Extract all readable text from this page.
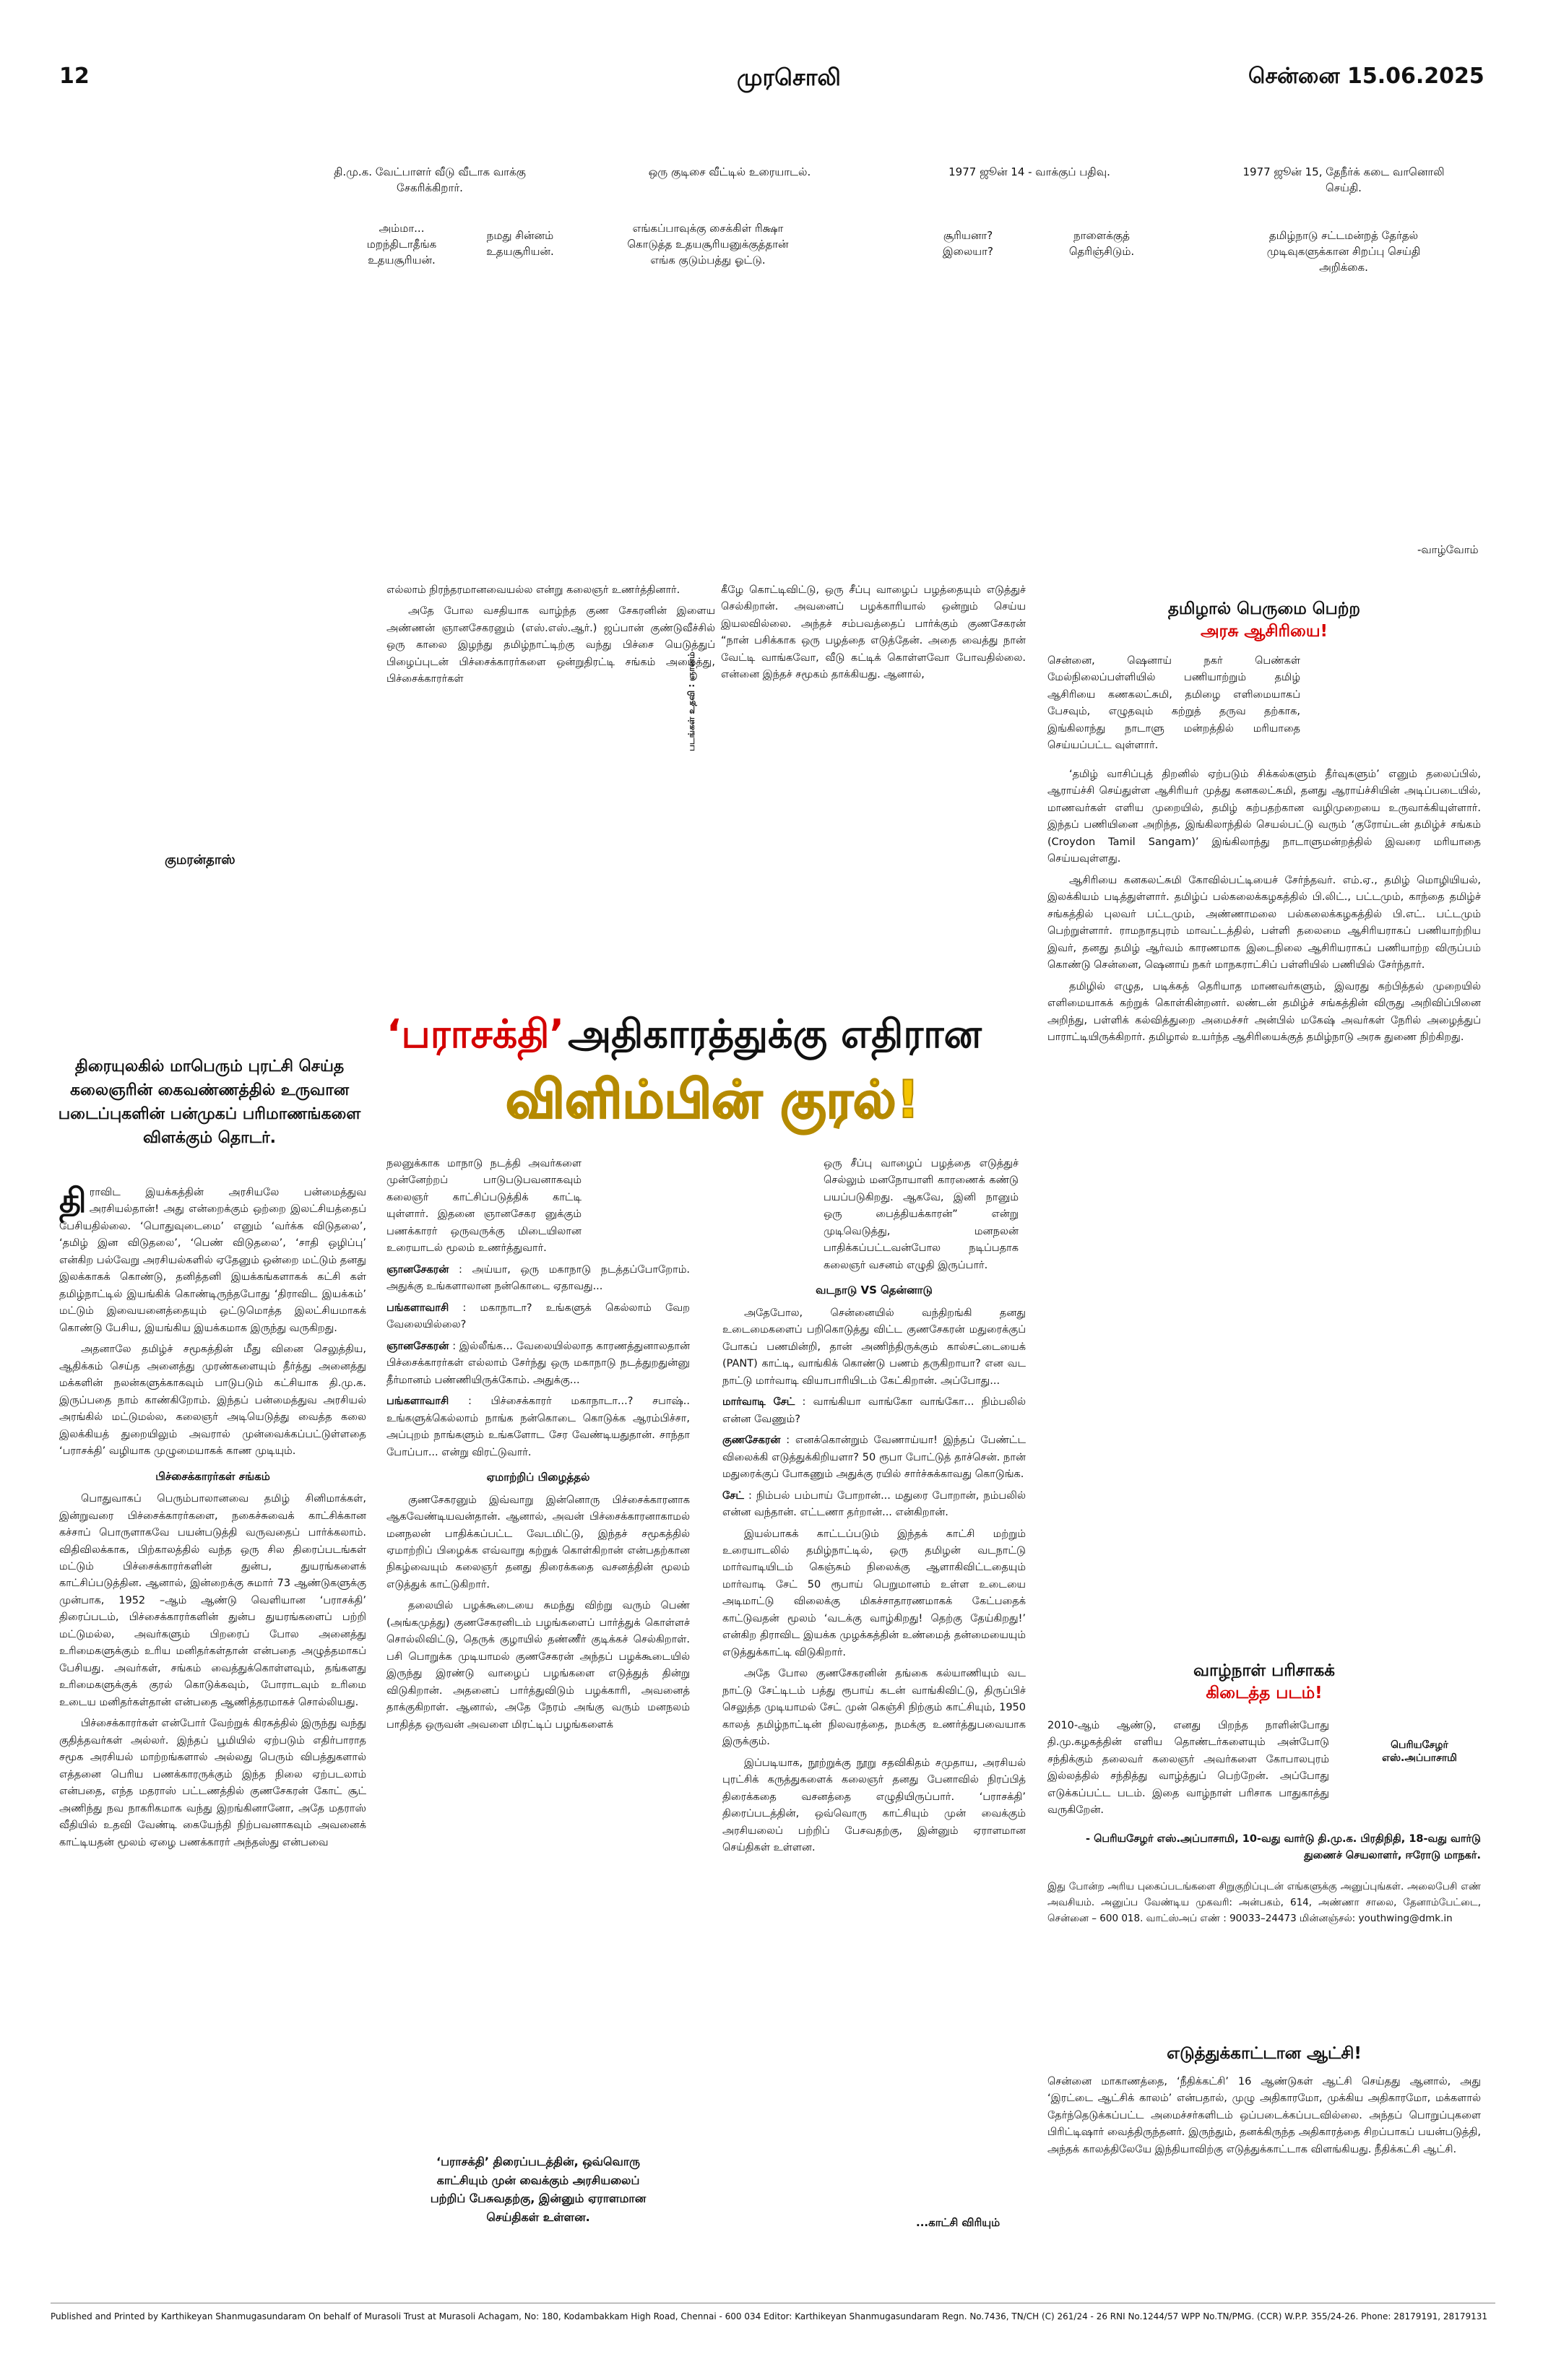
12	முரசொலி	சென்னை 15.06.2025
தி.மு.க. வேட்பாளர் வீடு வீடாக வாக்கு சேகரிக்கிறார்.
ஒரு குடிசை வீட்டில் உரையாடல்.	1977 ஜூன் 14 - வாக்குப் பதிவு.	1977 ஜூன் 15, தேநீர்க் கடை வானொலி செய்தி.
அம்மா... மறந்திடாதீங்க உதயசூரியன்.
நமது சின்னம் உதயசூரியன்.
எங்கப்பாவுக்கு சைக்கிள் ரிக்ஷா கொடுத்த உதயசூரியனுக்குத்தான் எங்க குடும்பத்து ஓட்டு.
சூரியனா? இலையா?
நாளைக்குத் தெரிஞ்சிடும்.
தமிழ்நாடு சட்டமன்றத் தேர்தல் முடிவுகளுக்கான சிறப்பு செய்தி அறிக்கை.
-வாழ்வோம்
குமரன்தாஸ்
படங்கள் உதவி : ஞானம்

எல்லாம் நிரந்தரமானவையல்ல என்று கலைஞர் உணர்த்தினார்.

அதே போல வசதியாக வாழ்ந்த குண சேகரனின் இளைய அண்ணன் ஞானசேகரனும் (எஸ்.எஸ்.ஆர்.) ஜப்பான் குண்டுவீச்சில் ஒரு காலை இழந்து தமிழ்நாட்டிற்கு வந்து பிச்சை யெடுத்துப் பிழைப்புடன் பிச்சைக்காரர்களை ஒன்றுதிரட்டி சங்கம் அமைத்து, பிச்சைக்காரர்கள்

கீழே கொட்டிவிட்டு, ஒரு சீப்பு வாழைப் பழத்தையும் எடுத்துச் செல்கிறான். அவனைப் பழக்காரியால் ஒன்றும் செய்ய இயலவில்லை. அந்தச் சம்பவத்தைப் பார்க்கும் குணசேகரன் “நான் பசிக்காக ஒரு பழத்தை எடுத்தேன். அதை வைத்து நான் வேட்டி வாங்கவோ, வீடு கட்டிக் கொள்ளவோ போவதில்லை. என்னை இந்தச் சமூகம் தாக்கியது. ஆனால்,

‘பராசக்தி’ அதிகாரத்துக்கு எதிரான
விளிம்பின் குரல்!
திரையுலகில் மாபெரும் புரட்சி செய்த கலைஞரின் கைவண்ணத்தில் உருவான படைப்புகளின் பன்முகப் பரிமாணங்களை விளக்கும் தொடர்.

திராவிட இயக்கத்தின் அரசியலே பன்மைத்துவ அரசியல்தான்! அது என்றைக்கும் ஒற்றை இலட்சியத்தைப் பேசியதில்லை. ‘பொதுவுடைமை’ எனும் ‘வர்க்க விடுதலை’, ‘தமிழ் இன விடுதலை’, ‘பெண் விடுதலை’, ‘சாதி ஒழிப்பு’ என்கிற பல்வேறு அரசியல்களில் ஏதேனும் ஒன்றை மட்டும் தனது இலக்காகக் கொண்டு, தனித்தனி இயக்கங்களாகக் கட்சி கள் தமிழ்நாட்டில் இயங்கிக் கொண்டிருந்தபோது ‘திராவிட இயக்கம்’ மட்டும் இவையனைத்தையும் ஒட்டுமொத்த இலட்சியமாகக் கொண்டு பேசிய, இயங்கிய இயக்கமாக இருந்து வருகிறது.

அதனாலே தமிழ்ச் சமூகத்தின் மீது வினை செலுத்திய, ஆதிக்கம் செய்த அனைத்து முரண்களையும் தீர்த்து அனைத்து மக்களின் நலன்களுக்காகவும் பாடுபடும் கட்சியாக தி.மு.க. இருப்பதை நாம் காண்கிறோம். இந்தப் பன்மைத்துவ அரசியல் அரங்கில் மட்டுமல்ல, கலைஞர் அடியெடுத்து வைத்த கலை இலக்கியத் துறையிலும் அவரால் முன்வைக்கப்பட்டுள்ளதை ‘பராசக்தி’ வழியாக முழுமையாகக் காண முடியும்.

பிச்சைக்காரர்கள் சங்கம்

பொதுவாகப் பெரும்பாலானவை தமிழ் சினிமாக்கள், இன்றுவரை பிச்சைக்காரர்களை, நகைச்சுவைக் காட்சிக்கான கச்சாப் பொருளாகவே பயன்படுத்தி வருவதைப் பார்க்கலாம். விதிவிலக்காக, பிற்காலத்தில் வந்த ஒரு சில திரைப்படங்கள் மட்டும் பிச்சைக்காரர்களின் துன்ப, துயரங்களைக் காட்சிப்படுத்தின. ஆனால், இன்றைக்கு சுமார் 73 ஆண்டுகளுக்கு முன்பாக, 1952 –ஆம் ஆண்டு வெளியான ‘பராசக்தி’ திரைப்படம், பிச்சைக்காரர்களின் துன்ப துயரங்களைப் பற்றி மட்டுமல்ல, அவர்களும் பிறரைப் போல அனைத்து உரிமைகளுக்கும் உரிய மனிதர்கள்தான் என்பதை அழுத்தமாகப் பேசியது. அவர்கள், சங்கம் வைத்துக்கொள்ளவும், தங்களது உரிமைகளுக்குக் குரல் கொடுக்கவும், போராடவும் உரிமை உடைய மனிதர்கள்தான் என்பதை ஆணித்தரமாகச் சொல்லியது.

பிச்சைக்காரர்கள் என்போர் வேற்றுக் கிரகத்தில் இருந்து வந்து குதித்தவர்கள் அல்லர். இந்தப் பூமியில் ஏற்படும் எதிர்பாராத சமூக அரசியல் மாற்றங்களால் அல்லது பெரும் விபத்துகளால் எத்தனை பெரிய பணக்காரருக்கும் இந்த நிலை ஏற்படலாம் என்பதை, எந்த மதராஸ் பட்டணத்தில் குணசேகரன் கோட் சூட் அணிந்து நவ நாகரிகமாக வந்து இறங்கினானோ, அதே மதராஸ் வீதியில் உதவி வேண்டி கையேந்தி நிற்பவனாகவும் அவனைக் காட்டியதன் மூலம் ஏழை பணக்காரர் அந்தஸ்து என்பவை

நலனுக்காக மாநாடு நடத்தி அவர்களை முன்னேற்றப் பாடுபடுபவனாகவும் கலைஞர் காட்சிப்படுத்திக் காட்டி யுள்ளார். இதனை ஞானசேகர னுக்கும் பணக்காரர் ஒருவருக்கு மிடையிலான உரையாடல் மூலம் உணர்த்துவார்.

ஞானசேகரன் : அய்யா, ஒரு மகாநாடு நடத்தப்போறோம். அதுக்கு உங்களாலான நன்கொடை ஏதாவது...

பங்களாவாசி : மகாநாடா? உங்களுக் கெல்லாம் வேற வேலையில்லை?

ஞானசேகரன் : இல்லீங்க... வேலையில்லாத காரணத்துனாலதான் பிச்சைக்காரர்கள் எல்லாம் சேர்ந்து ஒரு மகாநாடு நடத்துறதுன்னு தீர்மானம் பண்ணியிருக்கோம். அதுக்கு...

பங்களாவாசி : பிச்சைக்காரர் மகாநாடா...? சபாஷ்.. உங்களுக்கெல்லாம் நாங்க நன்கொடை கொடுக்க ஆரம்பிச்சா, அப்புறம் நாங்களும் உங்களோட சேர வேண்டியதுதான். சாந்தா போப்பா... என்று விரட்டுவார்.

ஏமாற்றிப் பிழைத்தல்

குணசேகரனும் இவ்வாறு இன்னொரு பிச்சைக்காரனாக ஆகவேண்டியவன்தான். ஆனால், அவன் பிச்சைக்காரனாகாமல் மனநலன் பாதிக்கப்பட்ட வேடமிட்டு, இந்தச் சமூகத்தில் ஏமாற்றிப் பிழைக்க எவ்வாறு கற்றுக் கொள்கிறான் என்பதற்கான நிகழ்வையும் கலைஞர் தனது திரைக்கதை வசனத்தின் மூலம் எடுத்துக் காட்டுகிறார்.

தலையில் பழக்கூடையை சுமந்து விற்று வரும் பெண் (அங்கமுத்து) குணசேகரனிடம் பழங்களைப் பார்த்துக் கொள்ளச் சொல்லிவிட்டு, தெருக் குழாயில் தண்ணீர் குடிக்கச் செல்கிறாள். பசி பொறுக்க முடியாமல் குணசேகரன் அந்தப் பழக்கூடையில் இருந்து இரண்டு வாழைப் பழங்களை எடுத்துத் தின்று விடுகிறான். அதனைப் பார்த்துவிடும் பழக்காரி, அவனைத் தாக்குகிறாள். ஆனால், அதே நேரம் அங்கு வரும் மனநலம் பாதித்த ஒருவன் அவளை மிரட்டிப் பழங்களைக்

‘பராசக்தி’ திரைப்படத்தின், ஒவ்வொரு காட்சியும் முன் வைக்கும் அரசியலைப் பற்றிப் பேசுவதற்கு, இன்னும் ஏராளமான செய்திகள் உள்ளன.

ஒரு சீப்பு வாழைப் பழத்தை எடுத்துச் செல்லும் மனநோயாளி காரணைக் கண்டு பயப்படுகிறது. ஆகவே, இனி நானும் ஒரு பைத்தியக்காரன்” என்று முடிவெடுத்து, மனநலன் பாதிக்கப்பட்டவன்போல நடிப்பதாக கலைஞர் வசனம் எழுதி இருப்பார்.

வடநாடு VS தென்னாடு

அதேபோல, சென்னையில் வந்திறங்கி தனது உடைமைகளைப் பறிகொடுத்து விட்ட குணசேகரன் மதுரைக்குப் போகப் பணமின்றி, தான் அணிந்திருக்கும் கால்சட்டையைக் (PANT) காட்டி, வாங்கிக் கொண்டு பணம் தருகிறாயா? என வட நாட்டு மார்வாடி வியாபாரியிடம் கேட்கிறான். அப்போது...

மார்வாடி சேட் : வாங்கியா வாங்கோ வாங்கோ... நிம்பலில் என்ன வேணும்?

குணசேகரன் : எனக்கொன்றும் வேணாய்யா! இந்தப் பேண்ட்ட விலைக்கி எடுத்துக்கிறியளா? 50 ரூபா போட்டுத் தாச்சென். நான் மதுரைக்குப் போகணும் அதுக்கு ரயில் சார்ச்சுக்காவது கொடுங்க.

சேட் : நிம்பல் பம்பாய் போறான்... மதுரை போறான், நம்பலில் என்ன வந்தான். எட்டணா தர்றான்... என்கிறான்.

இயல்பாகக் காட்டப்படும் இந்தக் காட்சி மற்றும் உரையாடலில் தமிழ்நாட்டில், ஒரு தமிழன் வடநாட்டு மார்வாடியிடம் கெஞ்சும் நிலைக்கு ஆளாகிவிட்டதையும் மார்வாடி சேட் 50 ரூபாய் பெறுமானம் உள்ள உடையை அடிமாட்டு விலைக்கு மிகச்சாதாரணமாகக் கேட்பதைக் காட்டுவதன் மூலம் ‘வடக்கு வாழ்கிறது! தெற்கு தேய்கிறது!’ என்கிற திராவிட இயக்க முழக்கத்தின் உண்மைத் தன்மையையும் எடுத்துக்காட்டி விடுகிறார்.

அதே போல குணசேகரனின் தங்கை கல்யாணியும் வட நாட்டு சேட்டிடம் பத்து ரூபாய் கடன் வாங்கிவிட்டு, திருப்பிச் செலுத்த முடியாமல் சேட் முன் கெஞ்சி நிற்கும் காட்சியும், 1950 காலத் தமிழ்நாட்டின் நிலவரத்தை, நமக்கு உணர்த்துபவையாக இருக்கும்.

இப்படியாக, நூற்றுக்கு நூறு சதவிகிதம் சமுதாய, அரசியல் புரட்சிக் கருத்துகளைக் கலைஞர் தனது பேனாவில் நிரப்பித் திரைக்கதை வசனத்தை எழுதியிருப்பார். ‘பராசக்தி’ திரைப்படத்தின், ஒவ்வொரு காட்சியும் முன் வைக்கும் அரசியலைப் பற்றிப் பேசவதற்கு, இன்னும் ஏராளமான செய்திகள் உள்ளன.

...காட்சி விரியும்
தமிழால் பெருமை பெற்ற
அரசு ஆசிரியை!

சென்னை, ஷெனாய் நகர் பெண்கள் மேல்நிலைப்பள்ளியில் பணியாற்றும் தமிழ் ஆசிரியை கணகலட்சுமி, தமிழை எளிமையாகப் பேசவும், எழுதவும் கற்றுத் தருவ தற்காக, இங்கிலாந்து நாடாளு மன்றத்தில் மரியாதை செய்யப்பட்ட வுள்ளார்.

‘தமிழ் வாசிப்புத் திறனில் ஏற்படும் சிக்கல்களும் தீர்வுகளும்’ எனும் தலைப்பில், ஆராய்ச்சி செய்துள்ள ஆசிரியர் முத்து கனகலட்சுமி, தனது ஆராய்ச்சியின் அடிப்படையில், மாணவர்கள் எளிய முறையில், தமிழ் கற்பதற்கான வழிமுறையை உருவாக்கியுள்ளார். இந்தப் பணியினை அறிந்த, இங்கிலாந்தில் செயல்பட்டு வரும் ‘குரோய்டன் தமிழ்ச் சங்கம் (Croydon Tamil Sangam)’ இங்கிலாந்து நாடாளுமன்றத்தில் இவரை மரியாதை செய்யவுள்ளது.

ஆசிரியை கனகலட்சுமி கோவில்பட்டியைச் சேர்ந்தவர். எம்.ஏ., தமிழ் மொழியியல், இலக்கியம் படித்துள்ளார். தமிழ்ப் பல்கலைக்கழகத்தில் பி.லிட்., பட்டமும், காந்தை தமிழ்ச் சங்கத்தில் புலவர் பட்டமும், அண்ணாமலை பல்கலைக்கழகத்தில் பி.எட். பட்டமும் பெற்றுள்ளார். ராமநாதபுரம் மாவட்டத்தில், பள்ளி தலைமை ஆசிரியராகப் பணியாற்றிய இவர், தனது தமிழ் ஆர்வம் காரணமாக இடைநிலை ஆசிரியராகப் பணியாற்ற விருப்பம் கொண்டு சென்னை, ஷெனாய் நகர் மாநகராட்சிப் பள்ளியில் பணியில் சேர்ந்தார்.

தமிழில் எழுத, படிக்கத் தெரியாத மாணவர்களும், இவரது கற்பித்தல் முறையில் எளிமையாகக் கற்றுக் கொள்கின்றனர். லண்டன் தமிழ்ச் சங்கத்தின் விருது அறிவிப்பினை அறிந்து, பள்ளிக் கல்வித்துறை அமைச்சர் அன்பில் மகேஷ் அவர்கள் நேரில் அழைத்துப் பாராட்டியிருக்கிறார். தமிழால் உயர்ந்த ஆசிரியைக்குத் தமிழ்நாடு அரசு துணை நிற்கிறது.

வாழ்நாள் பரிசாகக்
கிடைத்த படம்!
2010-ஆம் ஆண்டு, எனது பிறந்த நாளின்போது தி.மு.கழகத்தின் எளிய தொண்டர்களையும் அன்போடு சந்திக்கும் தலைவர் கலைஞர் அவர்களை கோபாலபுரம் இல்லத்தில் சந்தித்து வாழ்த்துப் பெற்றேன். அப்போது எடுக்கப்பட்ட படம். இதை வாழ்நாள் பரிசாக பாதுகாத்து வருகிறேன்.
பெரியசேழர் எஸ்.அப்பாசாமி
- பெரியசேழர் எஸ்.அப்பாசாமி, 10-வது வார்டு தி.மு.க. பிரதிநிதி, 18-வது வார்டு துணைச் செயலாளர், ஈரோடு மாநகர்.
இது போன்ற அரிய புகைப்படங்களை சிறுகுறிப்புடன் எங்களுக்கு அனுப்புங்கள். அலைபேசி எண் அவசியம். அனுப்ப வேண்டிய முகவரி: அன்பகம், 614, அண்ணா சாலை, தேனாம்பேட்டை, சென்னை – 600 018. வாட்ஸ்அப் எண் : 90033–24473 மின்னஞ்சல்: youthwing@dmk.in
எடுத்துக்காட்டான ஆட்சி!
சென்னை மாகாணத்தை, ‘நீதிக்கட்சி’ 16 ஆண்டுகள் ஆட்சி செய்தது ஆனால், அது ‘இரட்டை ஆட்சிக் காலம்’ என்பதால், முழு அதிகாரமோ, முக்கிய அதிகாரமோ, மக்களால் தேர்ந்தெடுக்கப்பட்ட அமைச்சர்களிடம் ஒப்படைக்கப்படவில்லை. அந்தப் பொறுப்புகளை பிரிட்டிஷார் வைத்திருந்தனர். இருந்தும், தனக்கிருந்த அதிகாரத்தை சிறப்பாகப் பயன்படுத்தி, அந்தக் காலத்திலேயே இந்தியாவிற்கு எடுத்துக்காட்டாக விளங்கியது. நீதிக்கட்சி ஆட்சி.
Published and Printed by Karthikeyan Shanmugasundaram On behalf of Murasoli Trust at Murasoli Achagam, No: 180, Kodambakkam High Road, Chennai - 600 034 Editor: Karthikeyan Shanmugasundaram Regn. No.7436, TN/CH (C) 261/24 - 26 RNI No.1244/57 WPP No.TN/PMG. (CCR) W.P.P. 355/24-26. Phone: 28179191, 28179131
